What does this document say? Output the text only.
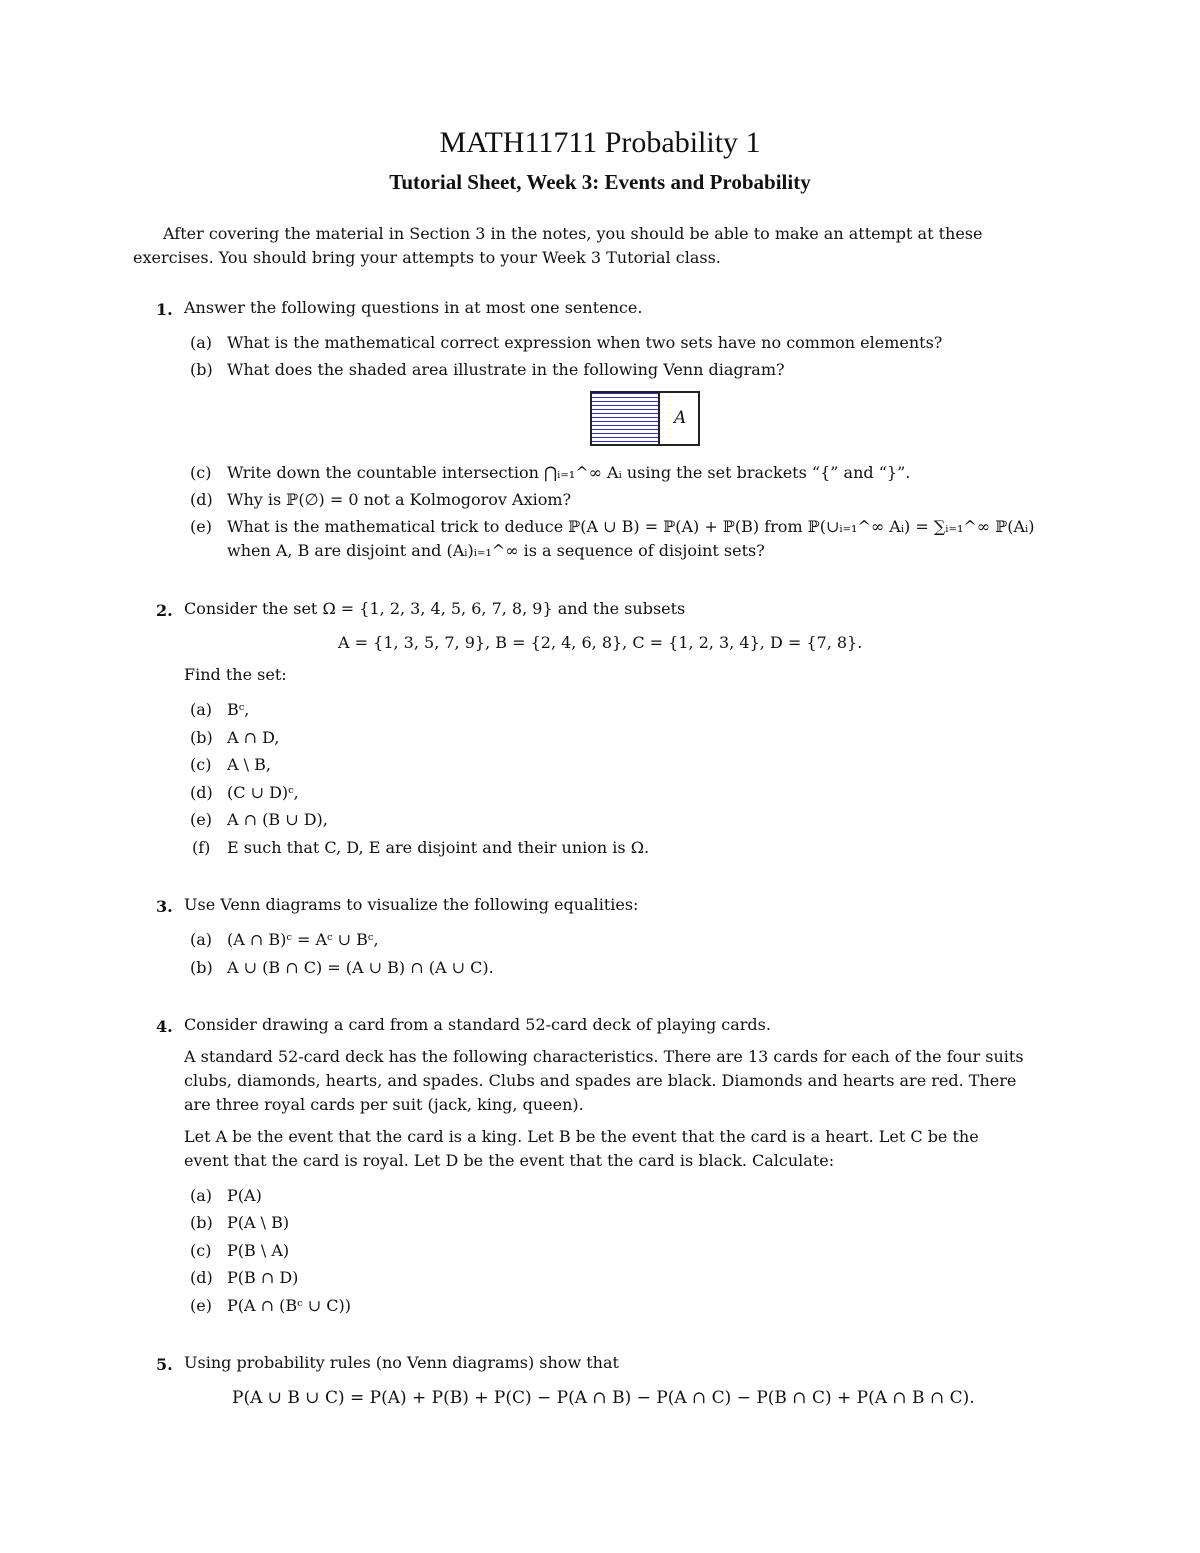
MATH11711 Probability 1
Tutorial Sheet, Week 3: Events and Probability
After covering the material in Section 3 in the notes, you should be able to make an attempt at these
exercises. You should bring your attempts to your Week 3 Tutorial class.
1. Answer the following questions in at most one sentence.
(a) What is the mathematical correct expression when two sets have no common elements?
(b) What does the shaded area illustrate in the following Venn diagram?
A
(c) Write down the countable intersection ⋂ᵢ₌₁^∞ Aᵢ using the set brackets “{” and “}”.
(d) Why is ℙ(∅) = 0 not a Kolmogorov Axiom?
(e) What is the mathematical trick to deduce ℙ(A ∪ B) = ℙ(A) + ℙ(B) from ℙ(∪ᵢ₌₁^∞ Aᵢ) = ∑ᵢ₌₁^∞ ℙ(Aᵢ)
when A, B are disjoint and (Aᵢ)ᵢ₌₁^∞ is a sequence of disjoint sets?
2. Consider the set Ω = {1, 2, 3, 4, 5, 6, 7, 8, 9} and the subsets
A = {1, 3, 5, 7, 9}, B = {2, 4, 6, 8}, C = {1, 2, 3, 4}, D = {7, 8}.
Find the set:
(a) Bᶜ,
(b) A ∩ D,
(c) A \ B,
(d) (C ∪ D)ᶜ,
(e) A ∩ (B ∪ D),
(f) E such that C, D, E are disjoint and their union is Ω.
3. Use Venn diagrams to visualize the following equalities:
(a) (A ∩ B)ᶜ = Aᶜ ∪ Bᶜ,
(b) A ∪ (B ∩ C) = (A ∪ B) ∩ (A ∪ C).
4. Consider drawing a card from a standard 52-card deck of playing cards.
A standard 52-card deck has the following characteristics. There are 13 cards for each of the four suits
clubs, diamonds, hearts, and spades. Clubs and spades are black. Diamonds and hearts are red. There
are three royal cards per suit (jack, king, queen).
Let A be the event that the card is a king. Let B be the event that the card is a heart. Let C be the
event that the card is royal. Let D be the event that the card is black. Calculate:
(a) P(A)
(b) P(A \ B)
(c) P(B \ A)
(d) P(B ∩ D)
(e) P(A ∩ (Bᶜ ∪ C))
5. Using probability rules (no Venn diagrams) show that
P(A ∪ B ∪ C) = P(A) + P(B) + P(C) − P(A ∩ B) − P(A ∩ C) − P(B ∩ C) + P(A ∩ B ∩ C).
